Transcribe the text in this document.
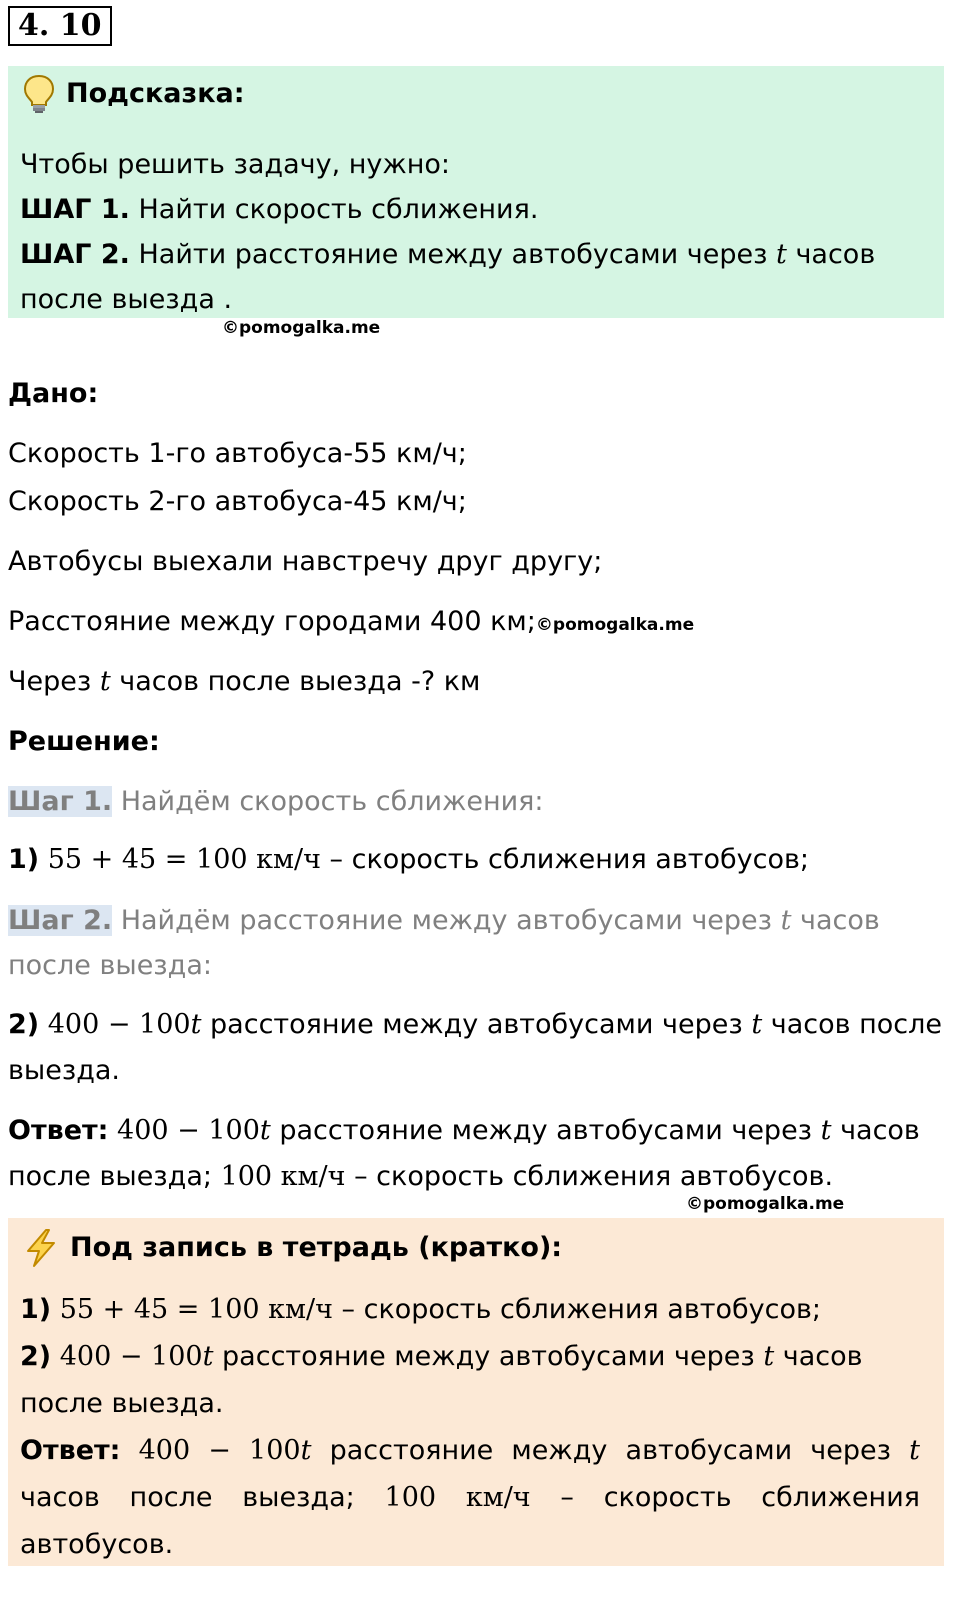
4. 10
Подсказка:
Чтобы решить задачу, нужно:
ШАГ 1. Найти скорость сближения.
ШАГ 2. Найти расстояние между автобусами через t часов после выезда .
©pomogalka.me
Дано:
Скорость 1-го автобуса-55 км/ч;
Скорость 2-го автобуса-45 км/ч;
Автобусы выехали навстречу друг другу;
Расстояние между городами 400 км;©pomogalka.me
Через t часов после выезда -? км
Решение:
Шаг 1. Найдём скорость сближения:
1) 55 + 45 = 100 км/ч – скорость сближения автобусов;
Шаг 2. Найдём расстояние между автобусами через t часов после выезда:
2) 400 − 100t расстояние между автобусами через t часов после выезда.
Ответ: 400 − 100t расстояние между автобусами через t часов после выезда; 100 км/ч – скорость сближения автобусов.
©pomogalka.me
Под запись в тетрадь (кратко):
1) 55 + 45 = 100 км/ч – скорость сближения автобусов;
2) 400 − 100t расстояние между автобусами через t часов после выезда.
Ответ: 400 − 100t расстояние между автобусами через t часов после выезда; 100 км/ч – скорость сближения автобусов.
